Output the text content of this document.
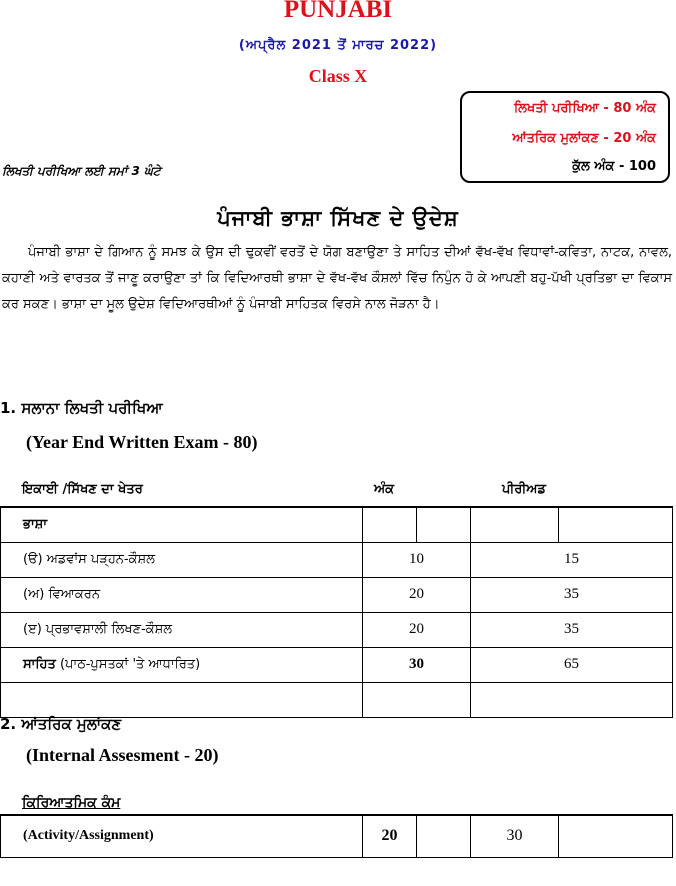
PUNJABI
(ਅਪ੍ਰੈਲ 2021 ਤੋਂ ਮਾਰਚ 2022)
Class X
ਲਿਖਤੀ ਪਰੀਖਿਆ - 80 ਅੰਕ
ਆਂਤਰਿਕ ਮੁਲਾਂਕਣ - 20 ਅੰਕ
ਕੁੱਲ ਅੰਕ - 100
ਲਿਖਤੀ ਪਰੀਖਿਆ ਲਈ ਸਮਾਂ 3 ਘੰਟੇ
ਪੰਜਾਬੀ ਭਾਸ਼ਾ ਸਿੱਖਣ ਦੇ ਉਦੇਸ਼

ਪੰਜਾਬੀ ਭਾਸ਼ਾ ਦੇ ਗਿਆਨ ਨੂੰ ਸਮਝ ਕੇ ਉਸ ਦੀ ਢੁਕਵੀਂ ਵਰਤੋਂ ਦੇ ਯੋਗ ਬਣਾਉਣਾ ਤੇ ਸਾਹਿਤ ਦੀਆਂ ਵੱਖ-ਵੱਖ ਵਿਧਾਵਾਂ-ਕਵਿਤਾ, ਨਾਟਕ, ਨਾਵਲ, ਕਹਾਣੀ ਅਤੇ ਵਾਰਤਕ ਤੋਂ ਜਾਣੂ ਕਰਾਉਣਾ ਤਾਂ ਕਿ ਵਿਦਿਆਰਥੀ ਭਾਸ਼ਾ ਦੇ ਵੱਖ-ਵੱਖ ਕੌਸ਼ਲਾਂ ਵਿੱਚ ਨਿਪੁੰਨ ਹੋ ਕੇ ਆਪਣੀ ਬਹੁ-ਪੱਖੀ ਪ੍ਰਤਿਭਾ ਦਾ ਵਿਕਾਸ ਕਰ ਸਕਣ। ਭਾਸ਼ਾ ਦਾ ਮੂਲ ਉਦੇਸ਼ ਵਿਦਿਆਰਥੀਆਂ ਨੂੰ ਪੰਜਾਬੀ ਸਾਹਿਤਕ ਵਿਰਸੇ ਨਾਲ ਜੋੜਨਾ ਹੈ।

1. ਸਲਾਨਾ ਲਿਖਤੀ ਪਰੀਖਿਆ
(Year End Written Exam - 80)
ਇਕਾਈ /ਸਿੱਖਣ ਦਾ ਖੇਤਰ	ਅੰਕ	ਪੀਰੀਅਡ
ਭਾਸ਼ਾ				
(ੳ) ਅਡਵਾਂਸ ਪੜ੍ਹਨ-ਕੌਸ਼ਲ	10		15	
(ਅ) ਵਿਆਕਰਨ	20		35	
(ੲ) ਪ੍ਰਭਾਵਸ਼ਾਲੀ ਲਿਖਣ-ਕੌਸ਼ਲ	20		35	
ਸਾਹਿਤ (ਪਾਠ-ਪੁਸਤਕਾਂ 'ਤੇ ਆਧਾਰਿਤ)	30		65	

2. ਆਂਤਰਿਕ ਮੁਲਾਂਕਣ
(Internal Assesment - 20)
ਕਿਰਿਆਤਮਿਕ ਕੰਮ
(Activity/Assignment)	20		30	
